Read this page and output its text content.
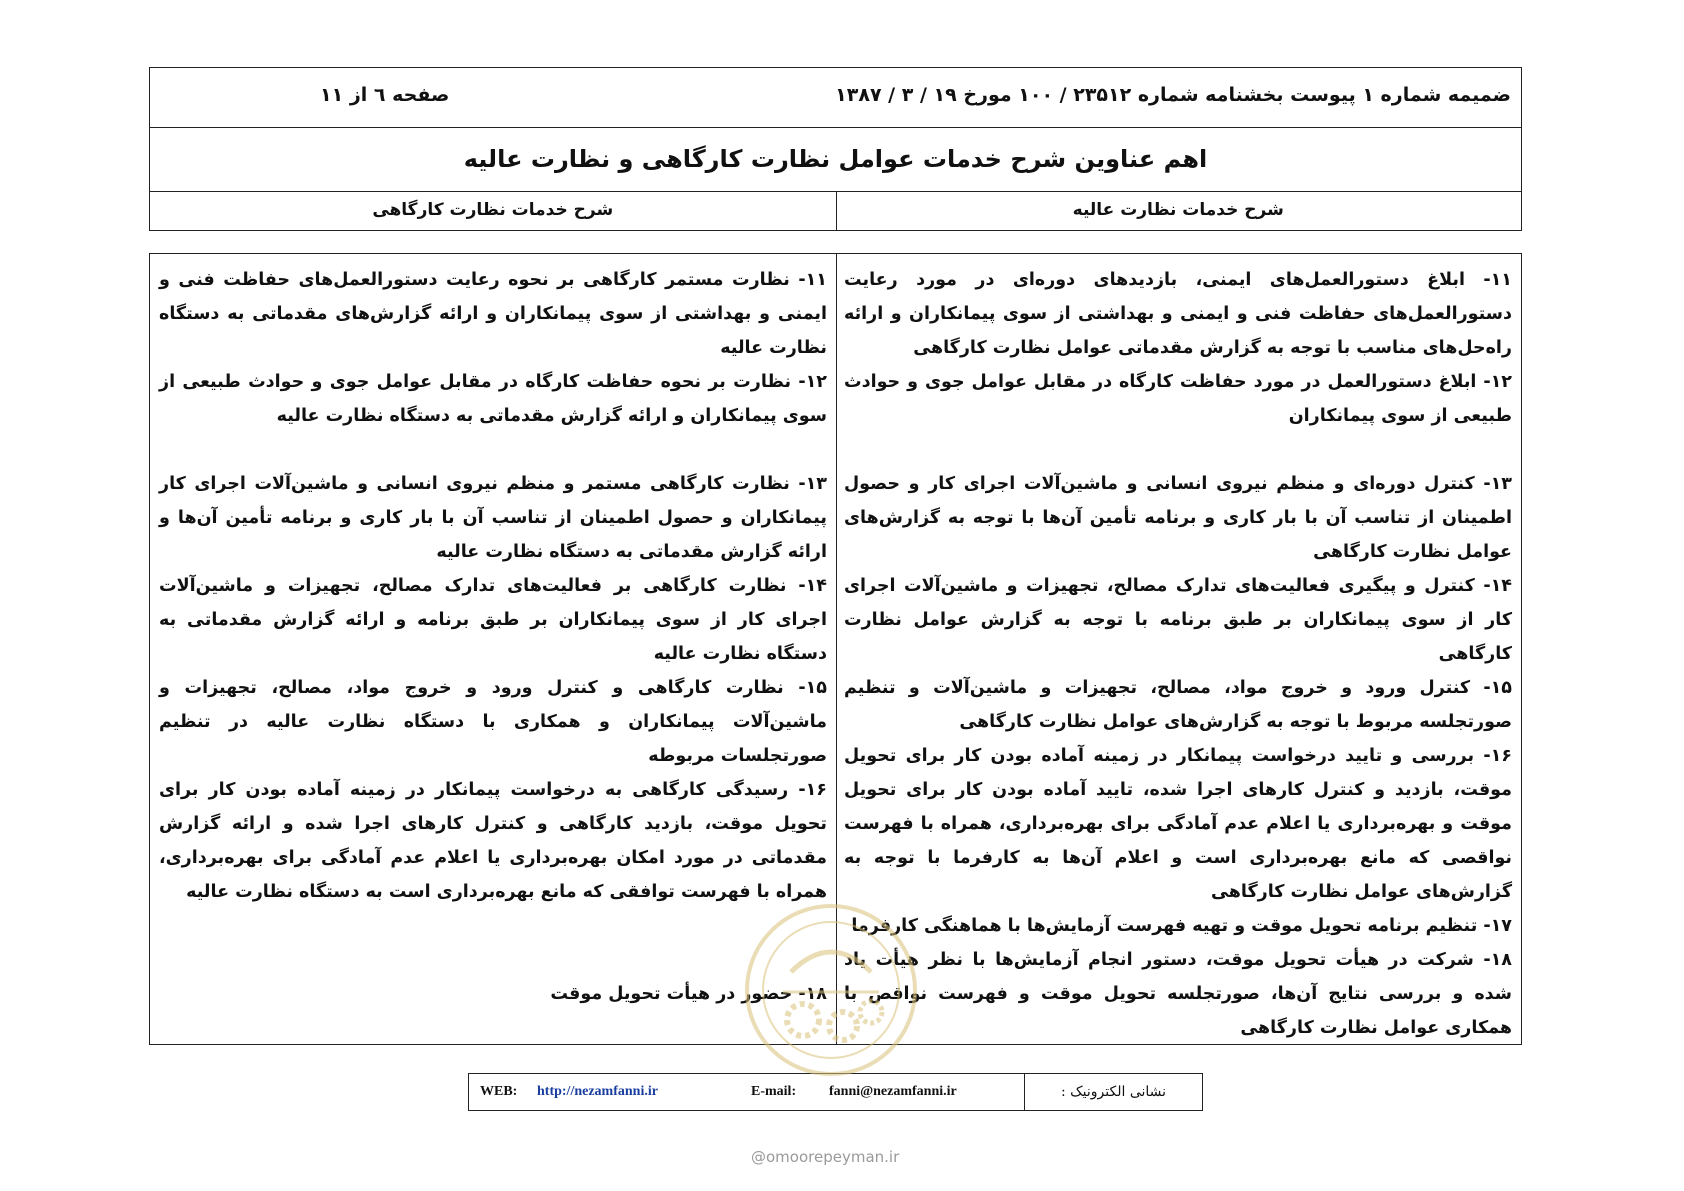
ضمیمه شماره ۱ پیوست بخشنامه شماره ۲۳۵۱۲ / ۱۰۰ مورخ ۱۹ / ۳ / ۱۳۸۷
صفحه ٦ از ۱۱
اهم عناوین شرح خدمات عوامل نظارت کارگاهی و نظارت عالیه
شرح خدمات نظارت عالیه
شرح خدمات نظارت کارگاهی
۱۱- ابلاغ دستورالعمل‌های ایمنی، بازدیدهای دوره‌ای در مورد رعایت دستورالعمل‌های حفاظت فنی و ایمنی و بهداشتی از سوی پیمانکاران و ارائه راه‌حل‌های مناسب با توجه به گزارش مقدماتی عوامل نظارت کارگاهی
۱۲- ابلاغ دستورالعمل در مورد حفاظت کارگاه در مقابل عوامل جوی و حوادث طبیعی از سوی پیمانکاران
۱۳- کنترل دوره‌ای و منظم نیروی انسانی و ماشین‌آلات اجرای کار و حصول اطمینان از تناسب آن با بار کاری و برنامه تأمین آن‌ها با توجه به گزارش‌های عوامل نظارت کارگاهی
۱۴- کنترل و پیگیری فعالیت‌های تدارک مصالح، تجهیزات و ماشین‌آلات اجرای کار از سوی پیمانکاران بر طبق برنامه با توجه به گزارش عوامل نظارت کارگاهی
۱۵- کنترل ورود و خروج مواد، مصالح، تجهیزات و ماشین‌آلات و تنظیم صورتجلسه مربوط با توجه به گزارش‌های عوامل نظارت کارگاهی
۱۶- بررسی و تایید درخواست پیمانکار در زمینه آماده بودن کار برای تحویل موقت، بازدید و کنترل کارهای اجرا شده، تایید آماده بودن کار برای تحویل موقت و بهره‌برداری یا اعلام عدم آمادگی برای بهره‌برداری، همراه با فهرست نواقصی که مانع بهره‌برداری است و اعلام آن‌ها به کارفرما با توجه به گزارش‌های عوامل نظارت کارگاهی
۱۷- تنظیم برنامه تحویل موقت و تهیه فهرست آزمایش‌ها با هماهنگی کارفرما
۱۸- شرکت در هیأت تحویل موقت، دستور انجام آزمایش‌ها با نظر هیأت یاد شده و بررسی نتایج آن‌ها، صورتجلسه تحویل موقت و فهرست نواقص با همکاری عوامل نظارت کارگاهی
۱۱- نظارت مستمر کارگاهی بر نحوه رعایت دستورالعمل‌های حفاظت فنی و ایمنی و بهداشتی از سوی پیمانکاران و ارائه گزارش‌های مقدماتی به دستگاه نظارت عالیه
۱۲- نظارت بر نحوه حفاظت کارگاه در مقابل عوامل جوی و حوادث طبیعی از سوی پیمانکاران و ارائه گزارش مقدماتی به دستگاه نظارت عالیه
۱۳- نظارت کارگاهی مستمر و منظم نیروی انسانی و ماشین‌آلات اجرای کار پیمانکاران و حصول اطمینان از تناسب آن با بار کاری و برنامه تأمین آن‌ها و ارائه گزارش مقدماتی به دستگاه نظارت عالیه
۱۴- نظارت کارگاهی بر فعالیت‌های تدارک مصالح، تجهیزات و ماشین‌آلات اجرای کار از سوی پیمانکاران بر طبق برنامه و ارائه گزارش مقدماتی به دستگاه نظارت عالیه
۱۵- نظارت کارگاهی و کنترل ورود و خروج مواد، مصالح، تجهیزات و ماشین‌آلات پیمانکاران و همکاری با دستگاه نظارت عالیه در تنظیم صورتجلسات مربوطه
۱۶- رسیدگی کارگاهی به درخواست پیمانکار در زمینه آماده بودن کار برای تحویل موقت، بازدید کارگاهی و کنترل کارهای اجرا شده و ارائه گزارش مقدماتی در مورد امکان بهره‌برداری یا اعلام عدم آمادگی برای بهره‌برداری، همراه با فهرست توافقی که مانع بهره‌برداری است به دستگاه نظارت عالیه
۱۸- حضور در هیأت تحویل موقت
نشانی الکترونیک :
WEB: http://nezamfanni.ir	E-mail: fanni@nezamfanni.ir
@omoorepeyman.ir
